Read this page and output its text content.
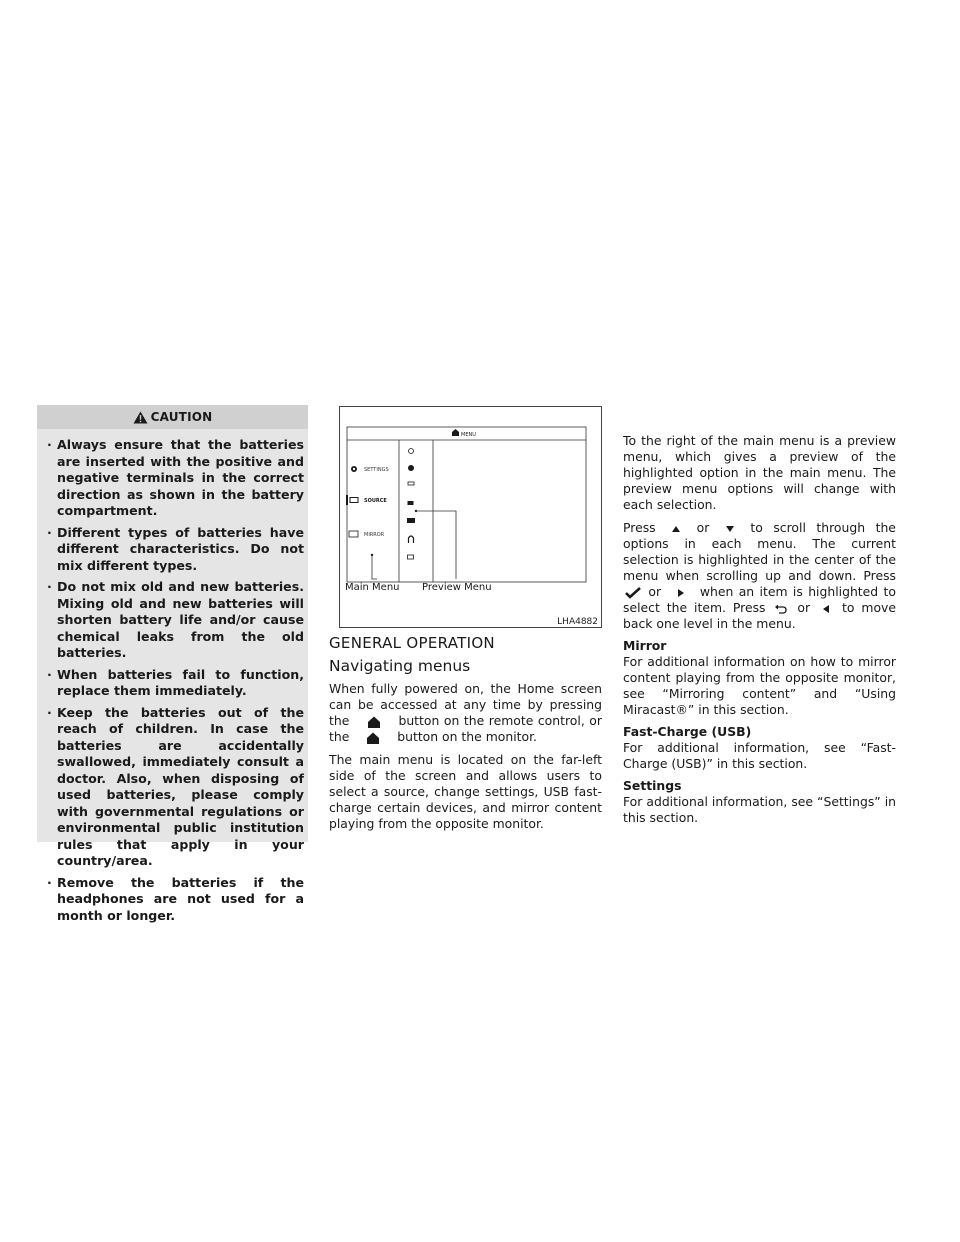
CAUTION
· Always ensure that the batteries are inserted with the positive and negative terminals in the correct direction as shown in the battery compartment.
· Different types of batteries have different characteristics. Do not mix different types.
· Do not mix old and new batteries. Mixing old and new batteries will shorten battery life and/or cause chemical leaks from the old batteries.
· When batteries fail to function, replace them immediately.
· Keep the batteries out of the reach of children. In case the batteries are accidentally swallowed, immediately consult a doctor. Also, when disposing of used batteries, please comply with governmental regulations or environmental public institution rules that apply in your country/area.
· Remove the batteries if the headphones are not used for a month or longer.
MENU
SETTINGS
SOURCE
MIRROR
Main Menu Preview Menu
LHA4882
GENERAL OPERATION
Navigating menus

When fully powered on, the Home screen can be accessed at any time by pressing the	button on the remote control, or the	button on the monitor.

The main menu is located on the far-left side of the screen and allows users to select a source, change settings, USB fast-charge certain devices, and mirror content playing from the opposite monitor.

To the right of the main menu is a preview menu, which gives a preview of the highlighted option in the main menu. The preview menu options will change with each selection.

Press	or	to scroll through the options in each menu. The current selection is highlighted in the center of the menu when scrolling up and down. Press  or	when an item is highlighted to select the item. Press	or	to move back one level in the menu.

Mirror

For additional information on how to mirror content playing from the opposite monitor, see “Mirroring content” and “Using Miracast®” in this section.

Fast-Charge (USB)

For additional information, see “Fast-Charge (USB)” in this section.

Settings

For additional information, see “Settings” in this section.
